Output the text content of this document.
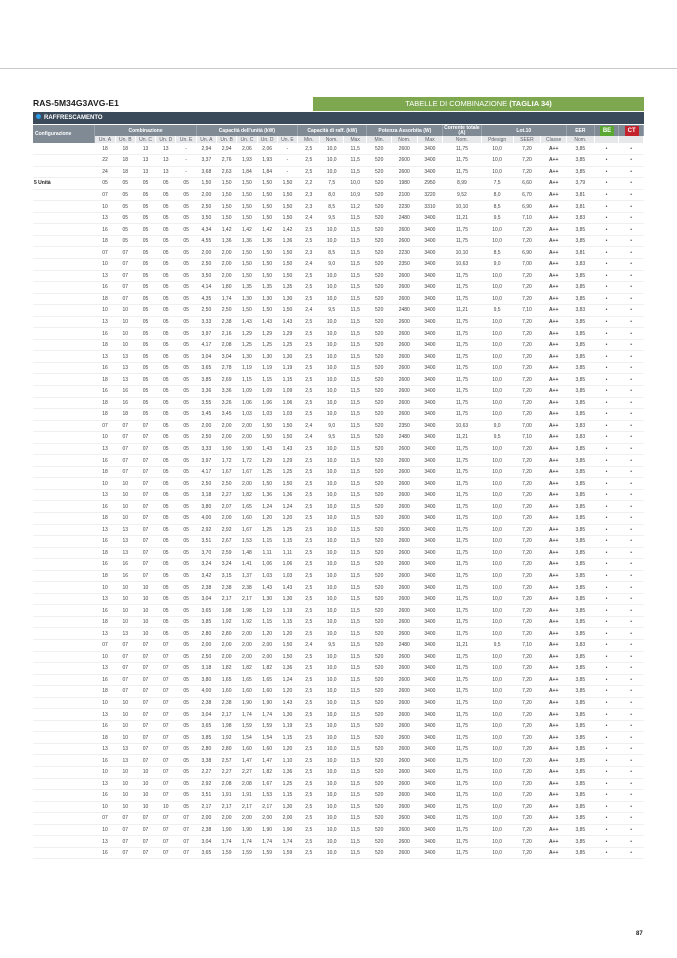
RAS-5M34G3AVG-E1	TABELLE DI COMBINAZIONE (TAGLIA 34)
RAFFRESCAMENTO
Configurazione	Combinazione					Capacità dell'unità (kW)					Capacità di raff. (kW)			Potenza Assorbita (W)			Corrente totale (A)	Lot.10			EER	BE	CT
	Un. A	Un. B	Un. C	Un. D	Un. E	Un. A	Un. B	Un. C	Un. D	Un. E	Min.	Nom.	Max	Min.	Nom.	Max	Nom.	Pdesign	SEER	Classe	Nom.		
	18	18	13	13	-	2,94	2,94	2,06	2,06	-	2,5	10,0	11,5	520	2600	3400	11,75	10,0	7,20	A++	3,85	•	•
	22	18	13	13	-	3,37	2,76	1,93	1,93	-	2,5	10,0	11,5	520	2600	3400	11,75	10,0	7,20	A++	3,85	•	•
	24	18	13	13	-	3,68	2,63	1,84	1,84	-	2,5	10,0	11,5	520	2600	3400	11,75	10,0	7,20	A++	3,85	•	•
5 Unità	05	05	05	05	05	1,50	1,50	1,50	1,50	1,50	2,2	7,5	10,0	520	1980	2950	8,99	7,5	6,60	A++	3,79	•	•
	07	05	05	05	05	2,00	1,50	1,50	1,50	1,50	2,3	8,0	10,9	520	2100	3220	9,52	8,0	6,70	A++	3,81	•	•
	10	05	05	05	05	2,50	1,50	1,50	1,50	1,50	2,3	8,5	11,2	520	2230	3310	10,10	8,5	6,90	A++	3,81	•	•
	13	05	05	05	05	3,50	1,50	1,50	1,50	1,50	2,4	9,5	11,5	520	2480	3400	11,21	9,5	7,10	A++	3,83	•	•
	16	05	05	05	05	4,34	1,42	1,42	1,42	1,42	2,5	10,0	11,5	520	2600	3400	11,75	10,0	7,20	A++	3,85	•	•
	18	05	05	05	05	4,55	1,36	1,36	1,36	1,36	2,5	10,0	11,5	520	2600	3400	11,75	10,0	7,20	A++	3,85	•	•
	07	07	05	05	05	2,00	2,00	1,50	1,50	1,50	2,3	8,5	11,5	520	2230	3400	10,10	8,5	6,90	A++	3,81	•	•
	10	07	05	05	05	2,50	2,00	1,50	1,50	1,50	2,4	9,0	11,5	520	2350	3400	10,63	9,0	7,00	A++	3,83	•	•
	13	07	05	05	05	3,50	2,00	1,50	1,50	1,50	2,5	10,0	11,5	520	2600	3400	11,75	10,0	7,20	A++	3,85	•	•
	16	07	05	05	05	4,14	1,80	1,35	1,35	1,35	2,5	10,0	11,5	520	2600	3400	11,75	10,0	7,20	A++	3,85	•	•
	18	07	05	05	05	4,35	1,74	1,30	1,30	1,30	2,5	10,0	11,5	520	2600	3400	11,75	10,0	7,20	A++	3,85	•	•
	10	10	05	05	05	2,50	2,50	1,50	1,50	1,50	2,4	9,5	11,5	520	2480	3400	11,21	9,5	7,10	A++	3,83	•	•
	13	10	05	05	05	3,33	2,38	1,43	1,43	1,43	2,5	10,0	11,5	520	2600	3400	11,75	10,0	7,20	A++	3,85	•	•
	16	10	05	05	05	3,97	2,16	1,29	1,29	1,29	2,5	10,0	11,5	520	2600	3400	11,75	10,0	7,20	A++	3,85	•	•
	18	10	05	05	05	4,17	2,08	1,25	1,25	1,25	2,5	10,0	11,5	520	2600	3400	11,75	10,0	7,20	A++	3,85	•	•
	13	13	05	05	05	3,04	3,04	1,30	1,30	1,30	2,5	10,0	11,5	520	2600	3400	11,75	10,0	7,20	A++	3,85	•	•
	16	13	05	05	05	3,65	2,78	1,19	1,19	1,19	2,5	10,0	11,5	520	2600	3400	11,75	10,0	7,20	A++	3,85	•	•
	18	13	05	05	05	3,85	2,69	1,15	1,15	1,15	2,5	10,0	11,5	520	2600	3400	11,75	10,0	7,20	A++	3,85	•	•
	16	16	05	05	05	3,36	3,36	1,09	1,09	1,09	2,5	10,0	11,5	520	2600	3400	11,75	10,0	7,20	A++	3,85	•	•
	18	16	05	05	05	3,55	3,26	1,06	1,06	1,06	2,5	10,0	11,5	520	2600	3400	11,75	10,0	7,20	A++	3,85	•	•
	18	18	05	05	05	3,45	3,45	1,03	1,03	1,03	2,5	10,0	11,5	520	2600	3400	11,75	10,0	7,20	A++	3,85	•	•
	07	07	07	05	05	2,00	2,00	2,00	1,50	1,50	2,4	9,0	11,5	520	2350	3400	10,63	9,0	7,00	A++	3,83	•	•
	10	07	07	05	05	2,50	2,00	2,00	1,50	1,50	2,4	9,5	11,5	520	2480	3400	11,21	9,5	7,10	A++	3,83	•	•
	13	07	07	05	05	3,33	1,90	1,90	1,43	1,43	2,5	10,0	11,5	520	2600	3400	11,75	10,0	7,20	A++	3,85	•	•
	16	07	07	05	05	3,97	1,72	1,72	1,29	1,29	2,5	10,0	11,5	520	2600	3400	11,75	10,0	7,20	A++	3,85	•	•
	18	07	07	05	05	4,17	1,67	1,67	1,25	1,25	2,5	10,0	11,5	520	2600	3400	11,75	10,0	7,20	A++	3,85	•	•
	10	10	07	05	05	2,50	2,50	2,00	1,50	1,50	2,5	10,0	11,5	520	2600	3400	11,75	10,0	7,20	A++	3,85	•	•
	13	10	07	05	05	3,18	2,27	1,82	1,36	1,36	2,5	10,0	11,5	520	2600	3400	11,75	10,0	7,20	A++	3,85	•	•
	16	10	07	05	05	3,80	2,07	1,65	1,24	1,24	2,5	10,0	11,5	520	2600	3400	11,75	10,0	7,20	A++	3,85	•	•
	18	10	07	05	05	4,00	2,00	1,60	1,20	1,20	2,5	10,0	11,5	520	2600	3400	11,75	10,0	7,20	A++	3,85	•	•
	13	13	07	05	05	2,92	2,92	1,67	1,25	1,25	2,5	10,0	11,5	520	2600	3400	11,75	10,0	7,20	A++	3,85	•	•
	16	13	07	05	05	3,51	2,67	1,53	1,15	1,15	2,5	10,0	11,5	520	2600	3400	11,75	10,0	7,20	A++	3,85	•	•
	18	13	07	05	05	3,70	2,59	1,48	1,11	1,11	2,5	10,0	11,5	520	2600	3400	11,75	10,0	7,20	A++	3,85	•	•
	16	16	07	05	05	3,24	3,24	1,41	1,06	1,06	2,5	10,0	11,5	520	2600	3400	11,75	10,0	7,20	A++	3,85	•	•
	18	16	07	05	05	3,42	3,15	1,37	1,03	1,03	2,5	10,0	11,5	520	2600	3400	11,75	10,0	7,20	A++	3,85	•	•
	10	10	10	05	05	2,38	2,38	2,38	1,43	1,43	2,5	10,0	11,5	520	2600	3400	11,75	10,0	7,20	A++	3,85	•	•
	13	10	10	05	05	3,04	2,17	2,17	1,30	1,30	2,5	10,0	11,5	520	2600	3400	11,75	10,0	7,20	A++	3,85	•	•
	16	10	10	05	05	3,65	1,98	1,98	1,19	1,19	2,5	10,0	11,5	520	2600	3400	11,75	10,0	7,20	A++	3,85	•	•
	18	10	10	05	05	3,85	1,92	1,92	1,15	1,15	2,5	10,0	11,5	520	2600	3400	11,75	10,0	7,20	A++	3,85	•	•
	13	13	10	05	05	2,80	2,80	2,00	1,20	1,20	2,5	10,0	11,5	520	2600	3400	11,75	10,0	7,20	A++	3,85	•	•
	07	07	07	07	05	2,00	2,00	2,00	2,00	1,50	2,4	9,5	11,5	520	2480	3400	11,21	9,5	7,10	A++	3,83	•	•
	10	07	07	07	05	2,50	2,00	2,00	2,00	1,50	2,5	10,0	11,5	520	2600	3400	11,75	10,0	7,20	A++	3,85	•	•
	13	07	07	07	05	3,18	1,82	1,82	1,82	1,36	2,5	10,0	11,5	520	2600	3400	11,75	10,0	7,20	A++	3,85	•	•
	16	07	07	07	05	3,80	1,65	1,65	1,65	1,24	2,5	10,0	11,5	520	2600	3400	11,75	10,0	7,20	A++	3,85	•	•
	18	07	07	07	05	4,00	1,60	1,60	1,60	1,20	2,5	10,0	11,5	520	2600	3400	11,75	10,0	7,20	A++	3,85	•	•
	10	10	07	07	05	2,38	2,38	1,90	1,90	1,43	2,5	10,0	11,5	520	2600	3400	11,75	10,0	7,20	A++	3,85	•	•
	13	10	07	07	05	3,04	2,17	1,74	1,74	1,30	2,5	10,0	11,5	520	2600	3400	11,75	10,0	7,20	A++	3,85	•	•
	16	10	07	07	05	3,65	1,98	1,59	1,59	1,19	2,5	10,0	11,5	520	2600	3400	11,75	10,0	7,20	A++	3,85	•	•
	18	10	07	07	05	3,85	1,92	1,54	1,54	1,15	2,5	10,0	11,5	520	2600	3400	11,75	10,0	7,20	A++	3,85	•	•
	13	13	07	07	05	2,80	2,80	1,60	1,60	1,20	2,5	10,0	11,5	520	2600	3400	11,75	10,0	7,20	A++	3,85	•	•
	16	13	07	07	05	3,38	2,57	1,47	1,47	1,10	2,5	10,0	11,5	520	2600	3400	11,75	10,0	7,20	A++	3,85	•	•
	10	10	10	07	05	2,27	2,27	2,27	1,82	1,36	2,5	10,0	11,5	520	2600	3400	11,75	10,0	7,20	A++	3,85	•	•
	13	10	10	07	05	2,92	2,08	2,08	1,67	1,25	2,5	10,0	11,5	520	2600	3400	11,75	10,0	7,20	A++	3,85	•	•
	16	10	10	07	05	3,51	1,91	1,91	1,53	1,15	2,5	10,0	11,5	520	2600	3400	11,75	10,0	7,20	A++	3,85	•	•
	10	10	10	10	05	2,17	2,17	2,17	2,17	1,30	2,5	10,0	11,5	520	2600	3400	11,75	10,0	7,20	A++	3,85	•	•
	07	07	07	07	07	2,00	2,00	2,00	2,00	2,00	2,5	10,0	11,5	520	2600	3400	11,75	10,0	7,20	A++	3,85	•	•
	10	07	07	07	07	2,38	1,90	1,90	1,90	1,90	2,5	10,0	11,5	520	2600	3400	11,75	10,0	7,20	A++	3,85	•	•
	13	07	07	07	07	3,04	1,74	1,74	1,74	1,74	2,5	10,0	11,5	520	2600	3400	11,75	10,0	7,20	A++	3,85	•	•
	16	07	07	07	07	3,65	1,59	1,59	1,59	1,59	2,5	10,0	11,5	520	2600	3400	11,75	10,0	7,20	A++	3,85	•	•
87
